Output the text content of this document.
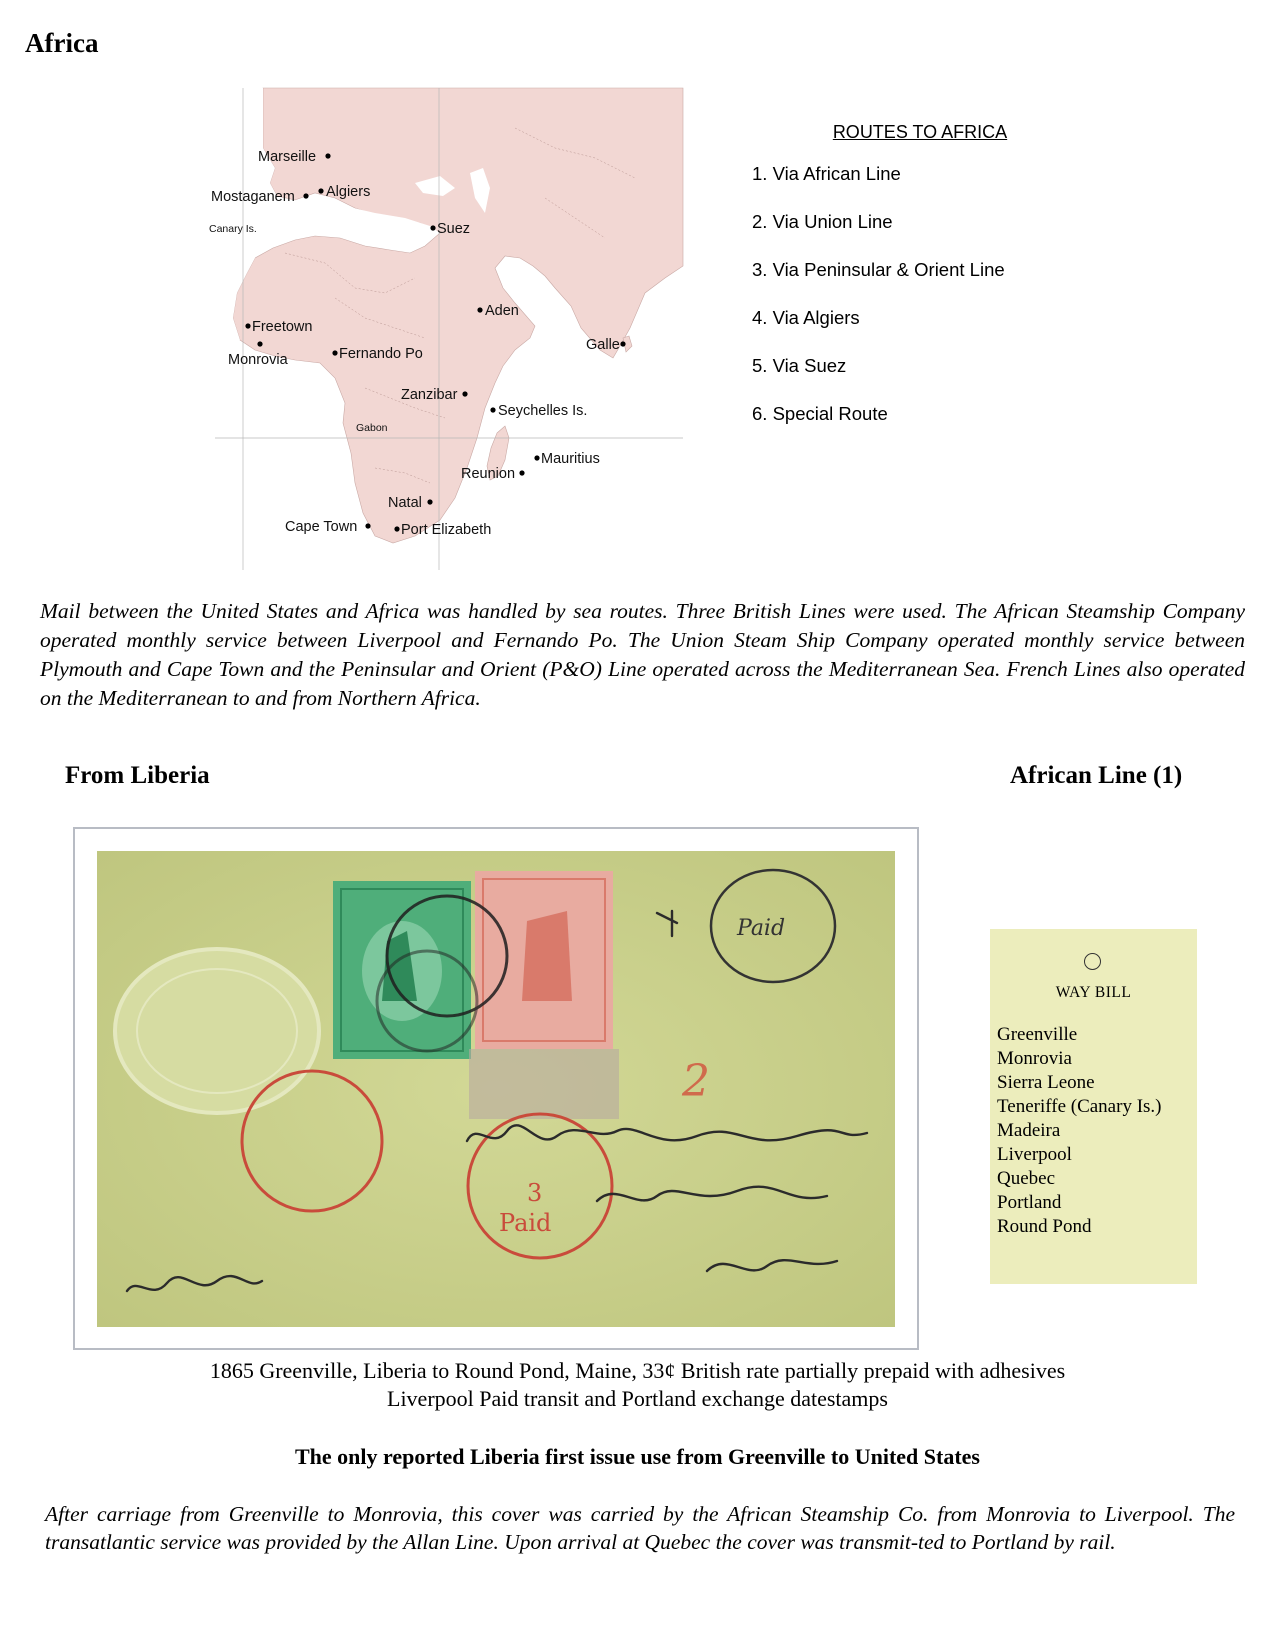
Africa
Marseille
Algiers
Mostaganem
Canary Is.	Suez
Aden
Freetown
Monrovia	Fernando Po
Galle
Zanzibar
Seychelles Is.
Gabon
Mauritius
Reunion
Natal
Cape Town	Port Elizabeth
ROUTES TO AFRICA
1. Via African Line
2. Via Union Line
3. Via Peninsular & Orient Line
4. Via Algiers
5. Via Suez
6. Special Route
Mail between the United States and Africa was handled by sea routes. Three British Lines were used. The African Steamship Company operated monthly service between Liverpool and Fernando Po. The Union Steam Ship Company operated monthly service between Plymouth and Cape Town and the Peninsular and Orient (P&O) Line operated across the Mediterranean Sea. French Lines also operated on the Mediterranean to and from Northern Africa.
From Liberia	African Line (1)
Paid
3
Paid
2
WAY BILL
Greenville
Monrovia
Sierra Leone
Teneriffe (Canary Is.)
Madeira
Liverpool
Quebec
Portland
Round Pond
1865 Greenville, Liberia to Round Pond, Maine, 33¢ British rate partially prepaid with adhesives
Liverpool Paid transit and Portland exchange datestamps
The only reported Liberia first issue use from Greenville to United States
After carriage from Greenville to Monrovia, this cover was carried by the African Steamship Co. from Monrovia to Liverpool. The transatlantic service was provided by the Allan Line. Upon arrival at Quebec the cover was transmit-ted to Portland by rail.
